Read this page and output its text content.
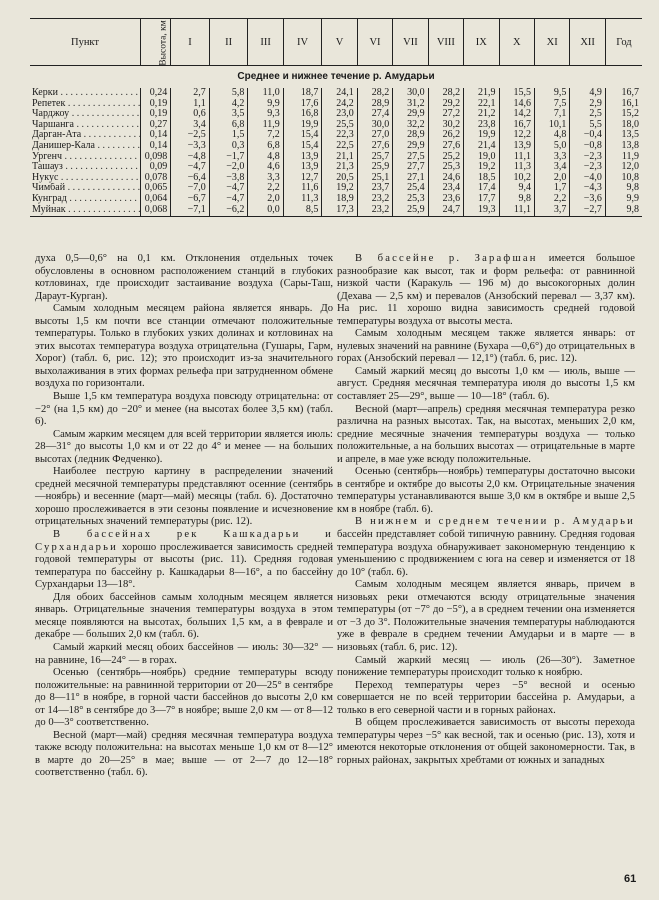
Пункт	Высота, км	I	II	III	IV	V	VI	VII	VIII	IX	X	XI	XII	Год
Среднее и нижнее течение р. Амударьи														
Керки . . .	0,24	2,7	5,8	11,0	18,7	24,1	28,2	30,0	28,2	21,9	15,5	9,5	4,9	16,7
Репетек . . .	0,19	1,1	4,2	9,9	17,6	24,2	28,9	31,2	29,2	22,1	14,6	7,5	2,9	16,1
Чарджоу . . .	0,19	0,6	3,5	9,3	16,8	23,0	27,4	29,9	27,2	21,2	14,2	7,1	2,5	15,2
Чаршанга . . .	0,27	3,4	6,8	11,9	19,9	25,5	30,0	32,2	30,2	23,8	16,7	10,1	5,5	18,0
Дарган-Ата . . .	0,14	−2,5	1,5	7,2	15,4	22,3	27,0	28,9	26,2	19,9	12,2	4,8	−0,4	13,5
Данишер-Кала . . .	0,14	−3,3	0,3	6,8	15,4	22,5	27,6	29,9	27,6	21,4	13,9	5,0	−0,8	13,8
Ургенч . . .	0,098	−4,8	−1,7	4,8	13,9	21,1	25,7	27,5	25,2	19,0	11,1	3,3	−2,3	11,9
Ташауз . . .	0,09	−4,7	−2,0	4,6	13,9	21,3	25,9	27,7	25,3	19,2	11,3	3,4	−2,3	12,0
Нукус . . .	0,078	−6,4	−3,8	3,3	12,7	20,5	25,1	27,1	24,6	18,5	10,2	2,0	−4,0	10,8
Чимбай . . .	0,065	−7,0	−4,7	2,2	11,6	19,2	23,7	25,4	23,4	17,4	9,4	1,7	−4,3	9,8
Кунград . . .	0,064	−6,7	−4,7	2,0	11,3	18,9	23,2	25,3	23,6	17,7	9,8	2,2	−3,6	9,9
Муйнак . . .	0,068	−7,1	−6,2	0,0	8,5	17,3	23,2	25,9	24,7	19,3	11,1	3,7	−2,7	9,8

духа 0,5—0,6° на 0,1 км. Отклонения отдельных точек обусловлены в основном расположением станций в глубоких котловинах, где происходит застаивание воздуха (Сары-Таш, Дараут-Курган).

Самым холодным месяцем района является январь. До высоты 1,5 км почти все станции отмечают положительные температуры. Только в глубоких узких долинах и котловинах на этих высотах температура воздуха отрицательна (Гушары, Гарм, Хорог) (табл. 6, рис. 12); это происходит из-за значительного выхолаживания в этих формах рельефа при затрудненном обмене воздуха по горизонтали.

Выше 1,5 км температура воздуха повсюду отрицательна: от −2° (на 1,5 км) до −20° и менее (на высотах более 3,5 км) (табл. 6).

Самым жарким месяцем для всей территории является июль: 28—31° до высоты 1,0 км и от 22 до 4° и менее — на больших высотах (ледник Федченко).

Наиболее пеструю картину в распределении значений средней месячной температуры представляют осенние (сентябрь—ноябрь) и весенние (март—май) месяцы (табл. 6). Достаточно хорошо прослеживается в эти сезоны появление и исчезновение отрицательных значений температуры (рис. 12).

В бассейнах рек Кашкадарьи и Сурхандарьи хорошо прослеживается зависимость средней годовой температуры от высоты (рис. 11). Средняя годовая температура по бассейну р. Кашкадарьи 8—16°, а по бассейну Сурхандарьи 13—18°.

Для обоих бассейнов самым холодным месяцем является январь. Отрицательные значения температуры воздуха в этом месяце появляются на высотах, больших 1,5 км, а в феврале и декабре — больших 2,0 км (табл. 6).

Самый жаркий месяц обоих бассейнов — июль: 30—32° — на равнине, 16—24° — в горах.

Осенью (сентябрь—ноябрь) средние температуры всюду положительные: на равнинной территории от 20—25° в сентябре до 8—11° в ноябре, в горной части бассейнов до высоты 2,0 км от 14—18° в сентябре до 3—7° в ноябре; выше 2,0 км — от 8—12 до 0—3° соответственно.

Весной (март—май) средняя месячная температура воздуха также всюду положительна: на высотах меньше 1,0 км от 8—12° в марте до 20—25° в мае; выше — от 2—7 до 12—18° соответственно (табл. 6).

В бассейне р. Зарафшан имеется большое разнообразие как высот, так и форм рельефа: от равнинной низкой части (Каракуль — 196 м) до высокогорных долин (Дехава — 2,5 км) и перевалов (Анзобский перевал — 3,37 км). На рис. 11 хорошо видна зависимость средней годовой температуры воздуха от высоты места.

Самым холодным месяцем также является январь: от нулевых значений на равнине (Бухара —0,6°) до отрицательных в горах (Анзобский перевал — 12,1°) (табл. 6, рис. 12).

Самый жаркий месяц до высоты 1,0 км — июль, выше — август. Средняя месячная температура июля до высоты 1,5 км составляет 25—29°, выше — 10—18° (табл. 6).

Весной (март—апрель) средняя месячная температура резко различна на разных высотах. Так, на высотах, меньших 2,0 км, средние месячные значения температуры воздуха — только положительные, а на больших высотах — отрицательные в марте и апреле, в мае уже всюду положительные.

Осенью (сентябрь—ноябрь) температуры достаточно высоки в сентябре и октябре до высоты 2,0 км. Отрицательные значения температуры устанавливаются выше 3,0 км в октябре и выше 2,5 км в ноябре (табл. 6).

В нижнем и среднем течении р. Амударьи бассейн представляет собой типичную равнину. Средняя годовая температура воздуха обнаруживает закономерную тенденцию к уменьшению с продвижением с юга на север и изменяется от 18 до 10° (табл. 6).

Самым холодным месяцем является январь, причем в низовьях реки отмечаются всюду отрицательные значения температуры (от −7° до −5°), а в среднем течении она изменяется от −3 до 3°. Положительные значения температуры наблюдаются уже в феврале в среднем течении Амударьи и в марте — в низовьях (табл. 6, рис. 12).

Самый жаркий месяц — июль (26—30°). Заметное понижение температуры происходит только к ноябрю.

Переход температуры через −5° весной и осенью совершается не по всей территории бассейна р. Амударьи, а только в его северной части и в горных районах.

В общем прослеживается зависимость от высоты перехода температуры через −5° как весной, так и осенью (рис. 13), хотя и имеются некоторые отклонения от общей закономерности. Так, в горных районах, закрытых хребтами от южных и западных

61
